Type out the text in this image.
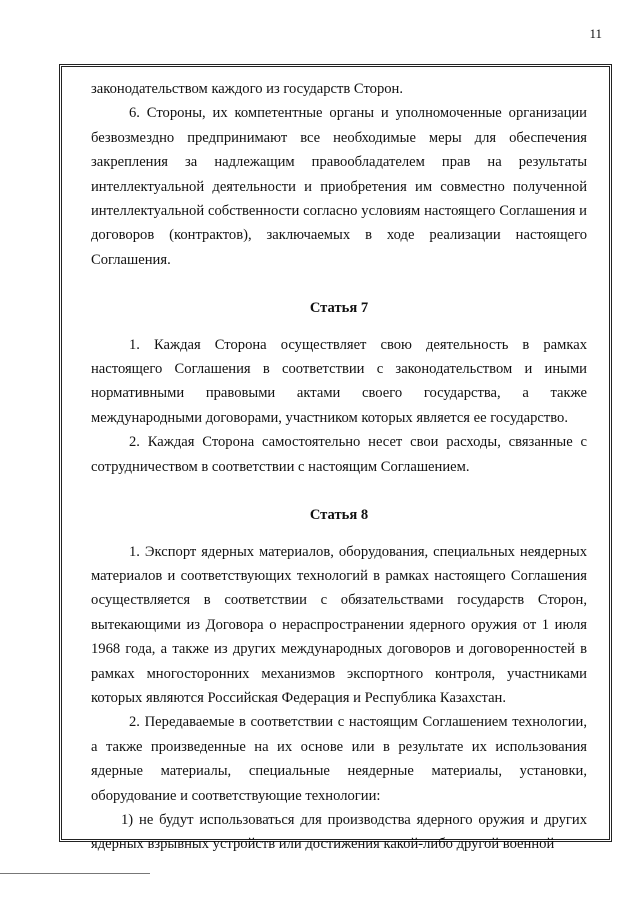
11

законодательством каждого из государств Сторон.

6. Стороны, их компетентные органы и уполномоченные организации безвозмездно предпринимают все необходимые меры для обеспечения закрепления за надлежащим правообладателем прав на результаты интеллектуальной деятельности и приобретения им совместно полученной интеллектуальной собственности согласно условиям настоящего Соглашения и договоров (контрактов), заключаемых в ходе реализации настоящего Соглашения.

Статья 7

1. Каждая Сторона осуществляет свою деятельность в рамках настоящего Соглашения в соответствии с законодательством и иными нормативными правовыми актами своего государства, а также международными договорами, участником которых является ее государство.

2. Каждая Сторона самостоятельно несет свои расходы, связанные с сотрудничеством в соответствии с настоящим Соглашением.

Статья 8

1. Экспорт ядерных материалов, оборудования, специальных неядерных материалов и соответствующих технологий в рамках настоящего Соглашения осуществляется в соответствии с обязательствами государств Сторон, вытекающими из Договора о нераспространении ядерного оружия от 1 июля 1968 года, а также из других международных договоров и договоренностей в рамках многосторонних механизмов экспортного контроля, участниками которых являются Российская Федерация и Республика Казахстан.

2. Передаваемые в соответствии с настоящим Соглашением технологии, а также произведенные на их основе или в результате их использования ядерные материалы, специальные неядерные материалы, установки, оборудование и соответствующие технологии:

1) не будут использоваться для производства ядерного оружия и других ядерных взрывных устройств или достижения какой-либо другой военной
